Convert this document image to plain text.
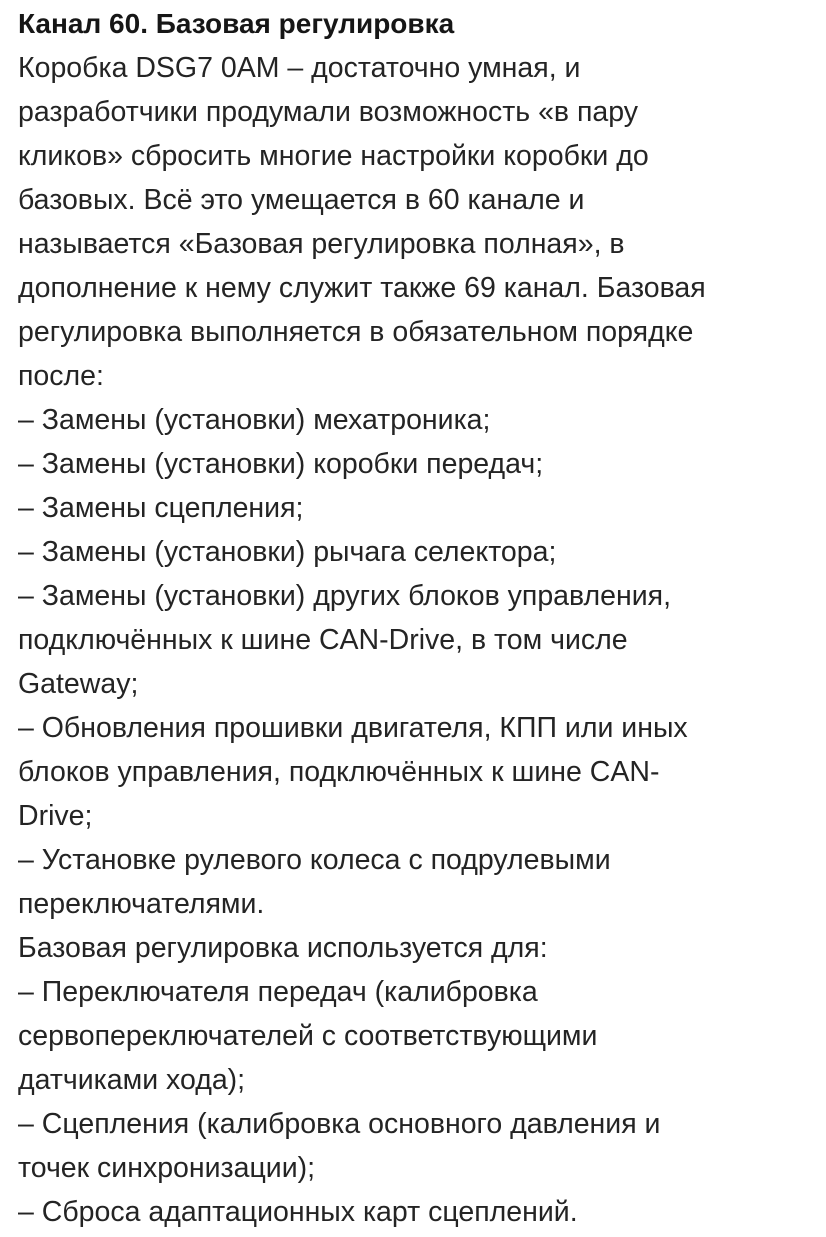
Канал 60. Базовая регулировка
Коробка DSG7 0AM – достаточно умная, и
разработчики продумали возможность «в пару
кликов» сбросить многие настройки коробки до
базовых. Всё это умещается в 60 канале и
называется «Базовая регулировка полная», в
дополнение к нему служит также 69 канал. Базовая
регулировка выполняется в обязательном порядке
после:
– Замены (установки) мехатроника;
– Замены (установки) коробки передач;
– Замены сцепления;
– Замены (установки) рычага селектора;
– Замены (установки) других блоков управления,
подключённых к шине CAN-Drive, в том числе
Gateway;
– Обновления прошивки двигателя, КПП или иных
блоков управления, подключённых к шине CAN-
Drive;
– Установке рулевого колеса с подрулевыми
переключателями.
Базовая регулировка используется для:
– Переключателя передач (калибровка
сервопереключателей с соответствующими
датчиками хода);
– Сцепления (калибровка основного давления и
точек синхронизации);
– Сброса адаптационных карт сцеплений.
